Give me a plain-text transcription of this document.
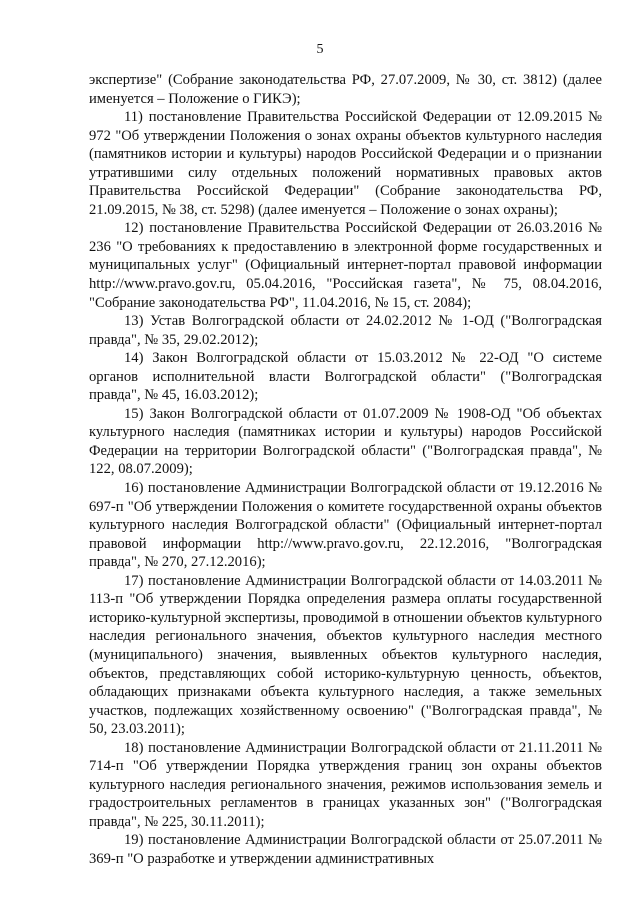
5

экспертизе" (Собрание законодательства РФ, 27.07.2009, № 30, ст. 3812) (далее именуется – Положение о ГИКЭ);

11) постановление Правительства Российской Федерации от 12.09.2015 № 972 "Об утверждении Положения о зонах охраны объектов культурного наследия (памятников истории и культуры) народов Российской Федерации и о признании утратившими силу отдельных положений нормативных правовых актов Правительства Российской Федерации" (Собрание законодательства РФ, 21.09.2015, № 38, ст. 5298) (далее именуется – Положение о зонах охраны);

12) постановление Правительства Российской Федерации от 26.03.2016 № 236 "О требованиях к предоставлению в электронной форме государственных и муниципальных услуг" (Официальный интернет-портал правовой информации http://www.pravo.gov.ru, 05.04.2016, "Российская газета", № 75, 08.04.2016, "Собрание законодательства РФ", 11.04.2016, № 15, ст. 2084);

13) Устав Волгоградской области от 24.02.2012 № 1-ОД ("Волгоградская правда", № 35, 29.02.2012);

14) Закон Волгоградской области от 15.03.2012 № 22-ОД "О системе органов исполнительной власти Волгоградской области" ("Волгоградская правда", № 45, 16.03.2012);

15) Закон Волгоградской области от 01.07.2009 № 1908-ОД "Об объектах культурного наследия (памятниках истории и культуры) народов Российской Федерации на территории Волгоградской области" ("Волгоградская правда", № 122, 08.07.2009);

16) постановление Администрации Волгоградской области от 19.12.2016 № 697-п "Об утверждении Положения о комитете государственной охраны объектов культурного наследия Волгоградской области" (Официальный интернет-портал правовой информации http://www.pravo.gov.ru, 22.12.2016, "Волгоградская правда", № 270, 27.12.2016);

17) постановление Администрации Волгоградской области от 14.03.2011 № 113-п "Об утверждении Порядка определения размера оплаты государственной историко-культурной экспертизы, проводимой в отношении объектов культурного наследия регионального значения, объектов культурного наследия местного (муниципального) значения, выявленных объектов культурного наследия, объектов, представляющих собой историко-культурную ценность, объектов, обладающих признаками объекта культурного наследия, а также земельных участков, подлежащих хозяйственному освоению" ("Волгоградская правда", № 50, 23.03.2011);

18) постановление Администрации Волгоградской области от 21.11.2011 № 714-п "Об утверждении Порядка утверждения границ зон охраны объектов культурного наследия регионального значения, режимов использования земель и градостроительных регламентов в границах указанных зон" ("Волгоградская правда", № 225, 30.11.2011);

19) постановление Администрации Волгоградской области от 25.07.2011 № 369-п "О разработке и утверждении административных
